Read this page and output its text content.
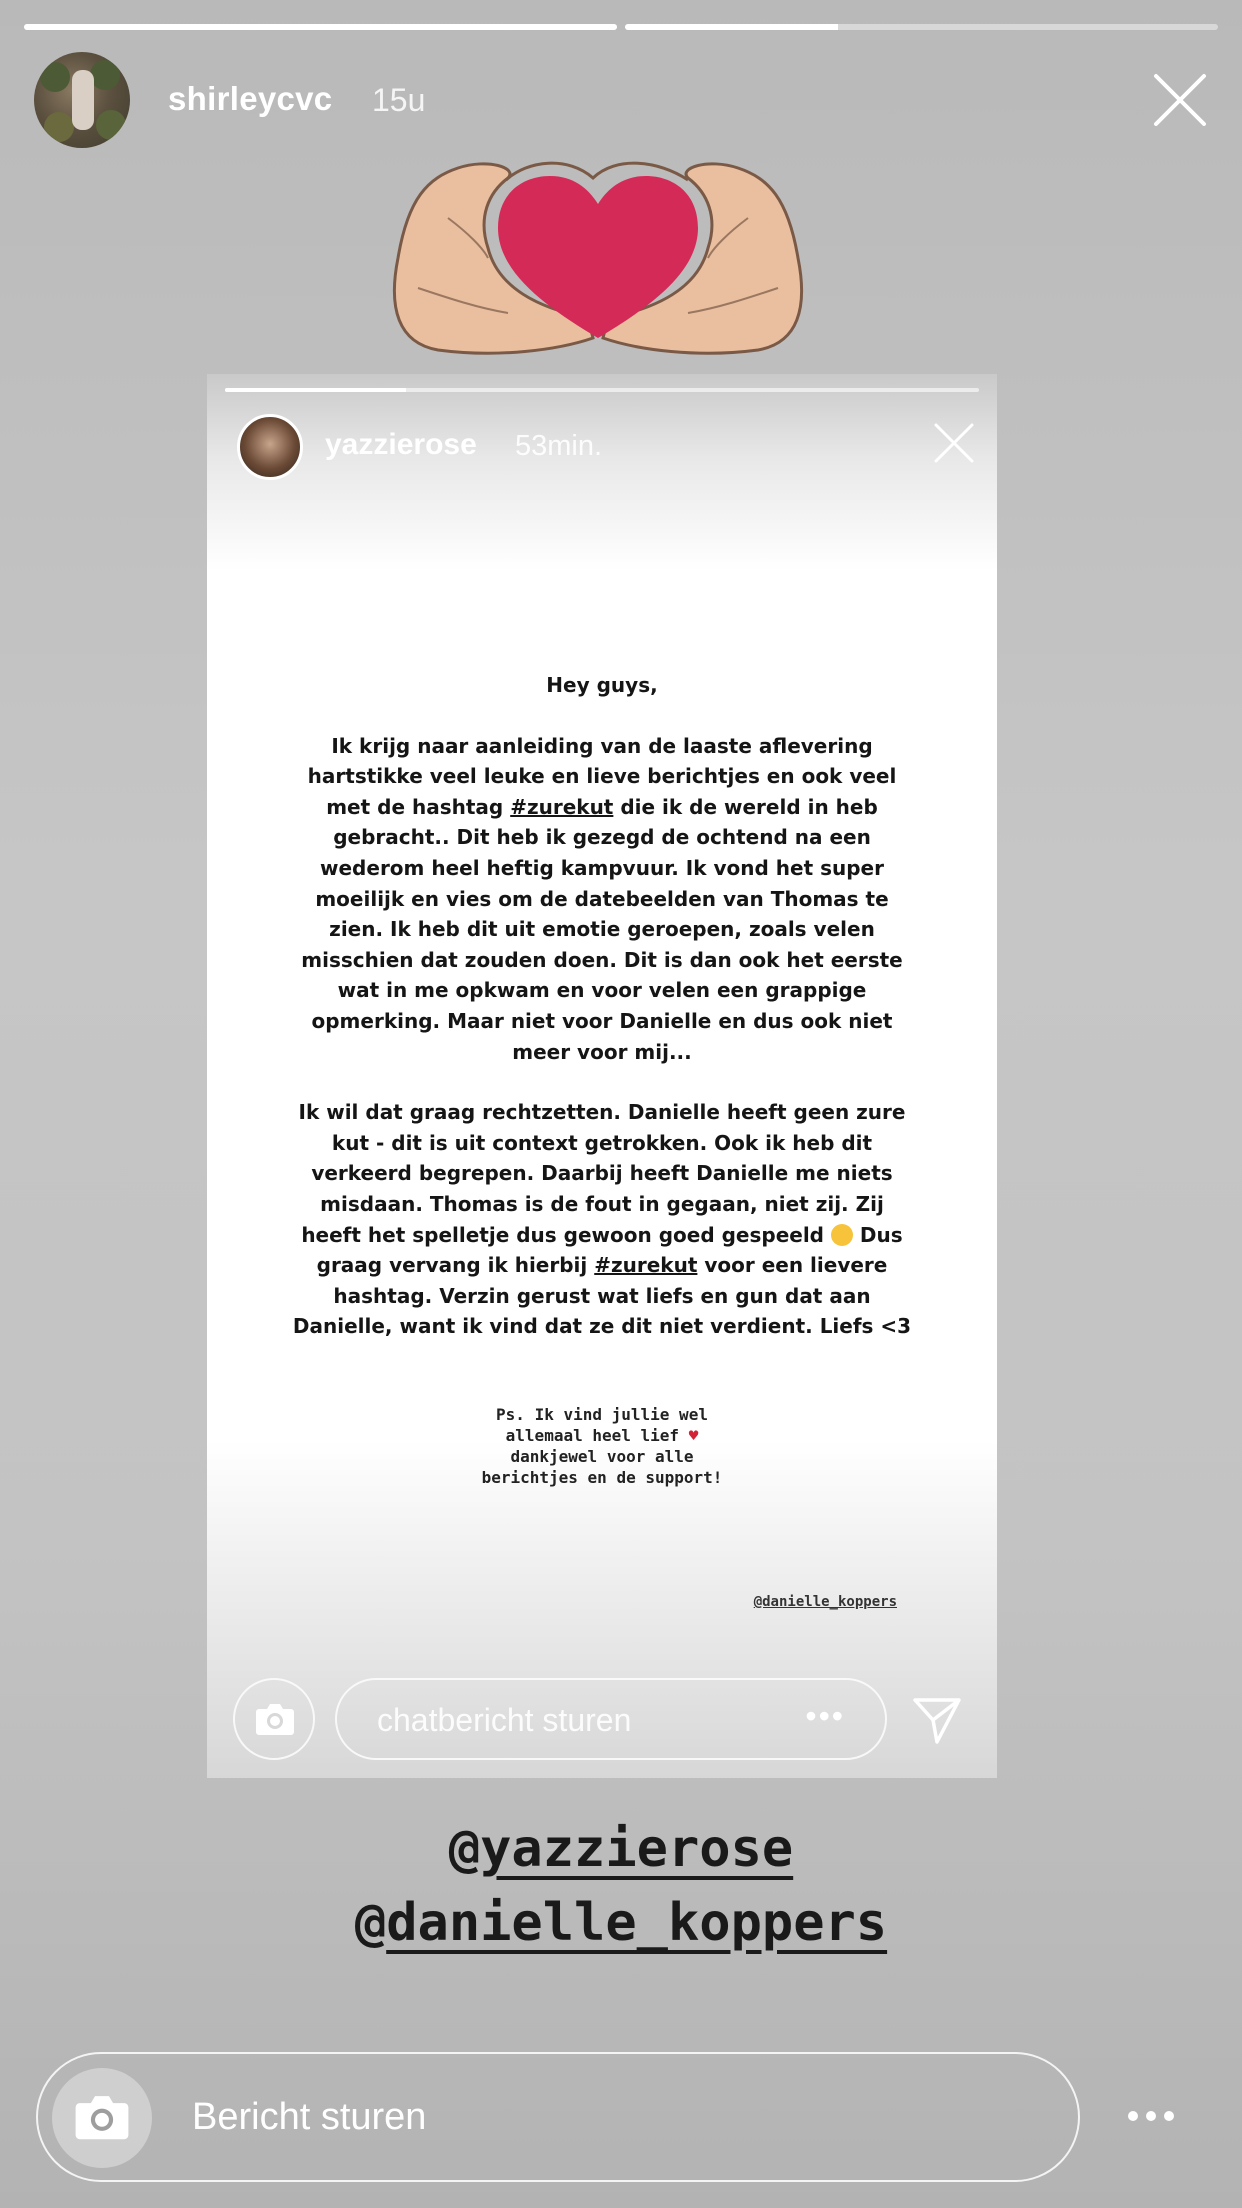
shirleycvc 15u
yazzierose 53min.

Hey guys,

Ik krijg naar aanleiding van de laaste aflevering hartstikke veel leuke en lieve berichtjes en ook veel met de hashtag #zurekut die ik de wereld in heb gebracht.. Dit heb ik gezegd de ochtend na een wederom heel heftig kampvuur. Ik vond het super moeilijk en vies om de datebeelden van Thomas te zien. Ik heb dit uit emotie geroepen, zoals velen misschien dat zouden doen. Dit is dan ook het eerste wat in me opkwam en voor velen een grappige opmerking. Maar niet voor Danielle en dus ook niet meer voor mij...

Ik wil dat graag rechtzetten. Danielle heeft geen zure kut - dit is uit context getrokken. Ook ik heb dit verkeerd begrepen. Daarbij heeft Danielle me niets misdaan. Thomas is de fout in gegaan, niet zij. Zij heeft het spelletje dus gewoon goed gespeeld  Dus graag vervang ik hierbij #zurekut voor een lievere hashtag. Verzin gerust wat liefs en gun dat aan Danielle, want ik vind dat ze dit niet verdient. Liefs <3

Ps. Ik vind jullie wel

allemaal heel lief ♥

dankjewel voor alle

berichtjes en de support!

@danielle_koppers
chatbericht sturen	•••
@yazzierose
@danielle_koppers
Bericht sturen
